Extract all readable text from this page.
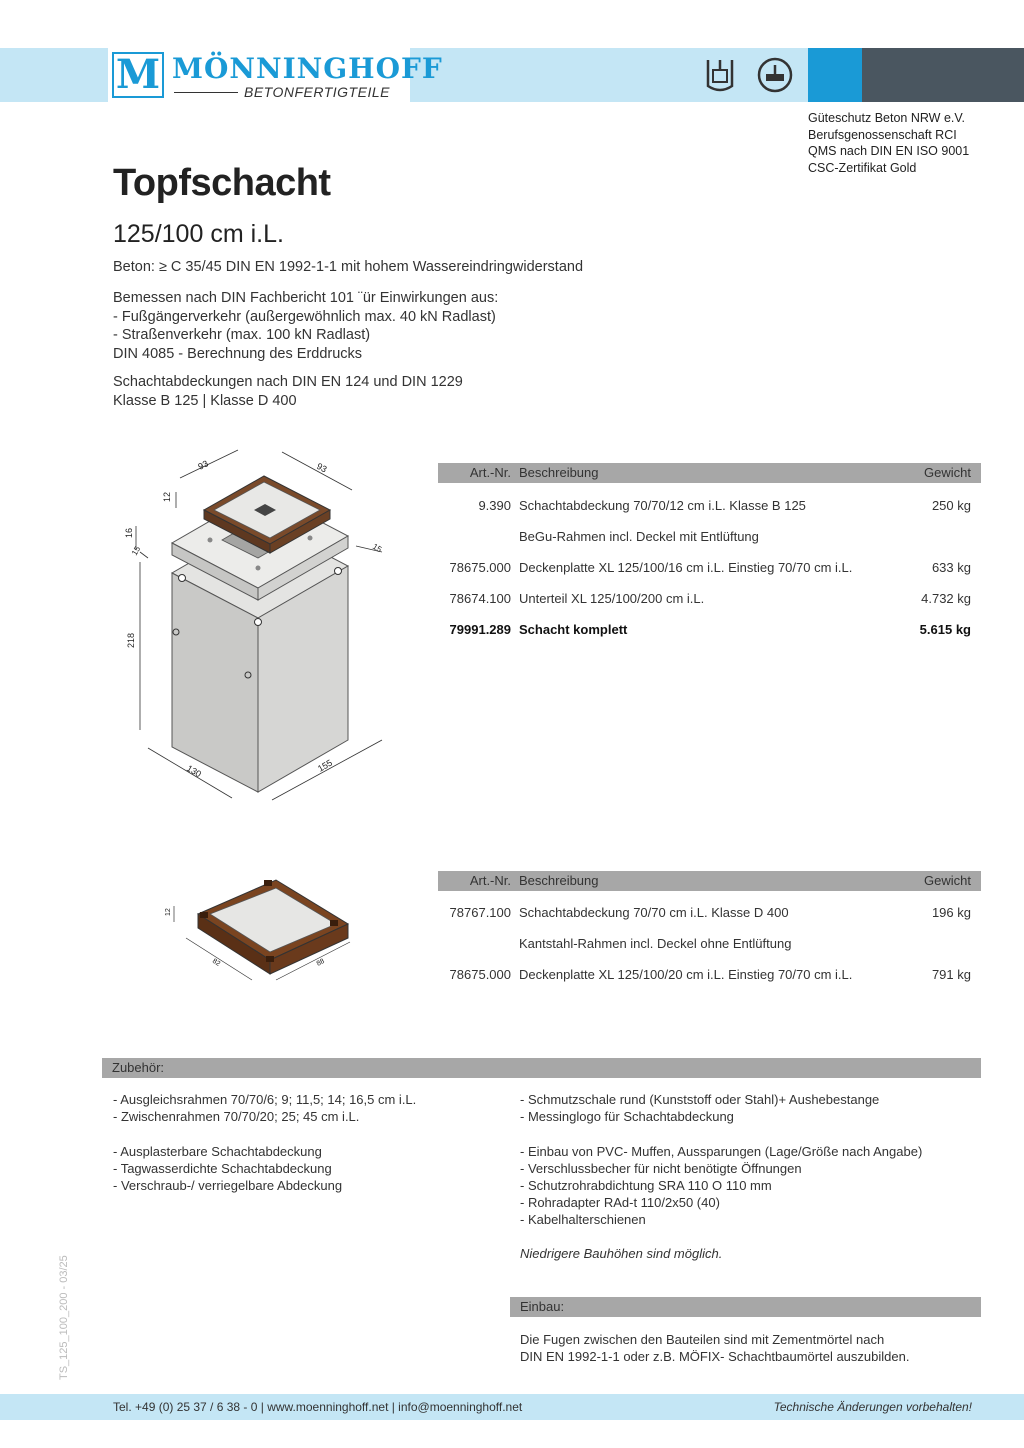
M MÖNNINGHOFF
BETONFERTIGTEILE
Güteschutz Beton NRW e.V.
Berufsgenossenschaft RCI
QMS nach DIN EN ISO 9001
CSC-Zertifikat Gold
Topfschacht
125/100 cm i.L.
Beton: ≥ C 35/45 DIN EN 1992-1-1 mit hohem Wassereindringwiderstand
Bemessen nach DIN Fachbericht 101 ¨ür Einwirkungen aus:
- Fußgängerverkehr (außergewöhnlich max. 40 kN Radlast)
- Straßenverkehr (max. 100 kN Radlast)
DIN 4085 - Berechnung des Erddrucks
Schachtabdeckungen nach DIN EN 124 und DIN 1229
Klasse B 125 | Klasse D 400
93	93
12
16
15	15
218
130	155
Art.-Nr. Beschreibung	Gewicht
9.390 Schachtabdeckung 70/70/12 cm i.L. Klasse B 125	250 kg
BeGu-Rahmen incl. Deckel mit Entlüftung
78675.000 Deckenplatte XL 125/100/16 cm i.L. Einstieg 70/70 cm i.L.	633 kg
78674.100 Unterteil XL 125/100/200 cm i.L.	4.732 kg
79991.289 Schacht komplett	5.615 kg
12
82	88
Art.-Nr. Beschreibung	Gewicht
78767.100 Schachtabdeckung 70/70 cm i.L. Klasse D 400	196 kg
Kantstahl-Rahmen incl. Deckel ohne Entlüftung
78675.000 Deckenplatte XL 125/100/20 cm i.L. Einstieg 70/70 cm i.L.	791 kg
Zubehör:
- Ausgleichsrahmen 70/70/6; 9; 11,5; 14; 16,5 cm i.L.
- Zwischenrahmen 70/70/20; 25; 45 cm i.L.
- Ausplasterbare Schachtabdeckung
- Tagwasserdichte Schachtabdeckung
- Verschraub-/ verriegelbare Abdeckung
- Schmutzschale rund (Kunststoff oder Stahl)+ Aushebestange
- Messinglogo für Schachtabdeckung
- Einbau von PVC- Muffen, Aussparungen (Lage/Größe nach Angabe)
- Verschlussbecher für nicht benötigte Öffnungen
- Schutzrohrabdichtung SRA 110 O 110 mm
- Rohradapter RAd-t 110/2x50 (40)
- Kabelhalterschienen
Niedrigere Bauhöhen sind möglich.
Einbau:
Die Fugen zwischen den Bauteilen sind mit Zementmörtel nach
DIN EN 1992-1-1 oder z.B. MÖFIX- Schachtbaumörtel auszubilden.
TS_125_100_200 - 03/25
Tel. +49 (0) 25 37 / 6 38 - 0 | www.moenninghoff.net | info@moenninghoff.net	Technische Änderungen vorbehalten!
